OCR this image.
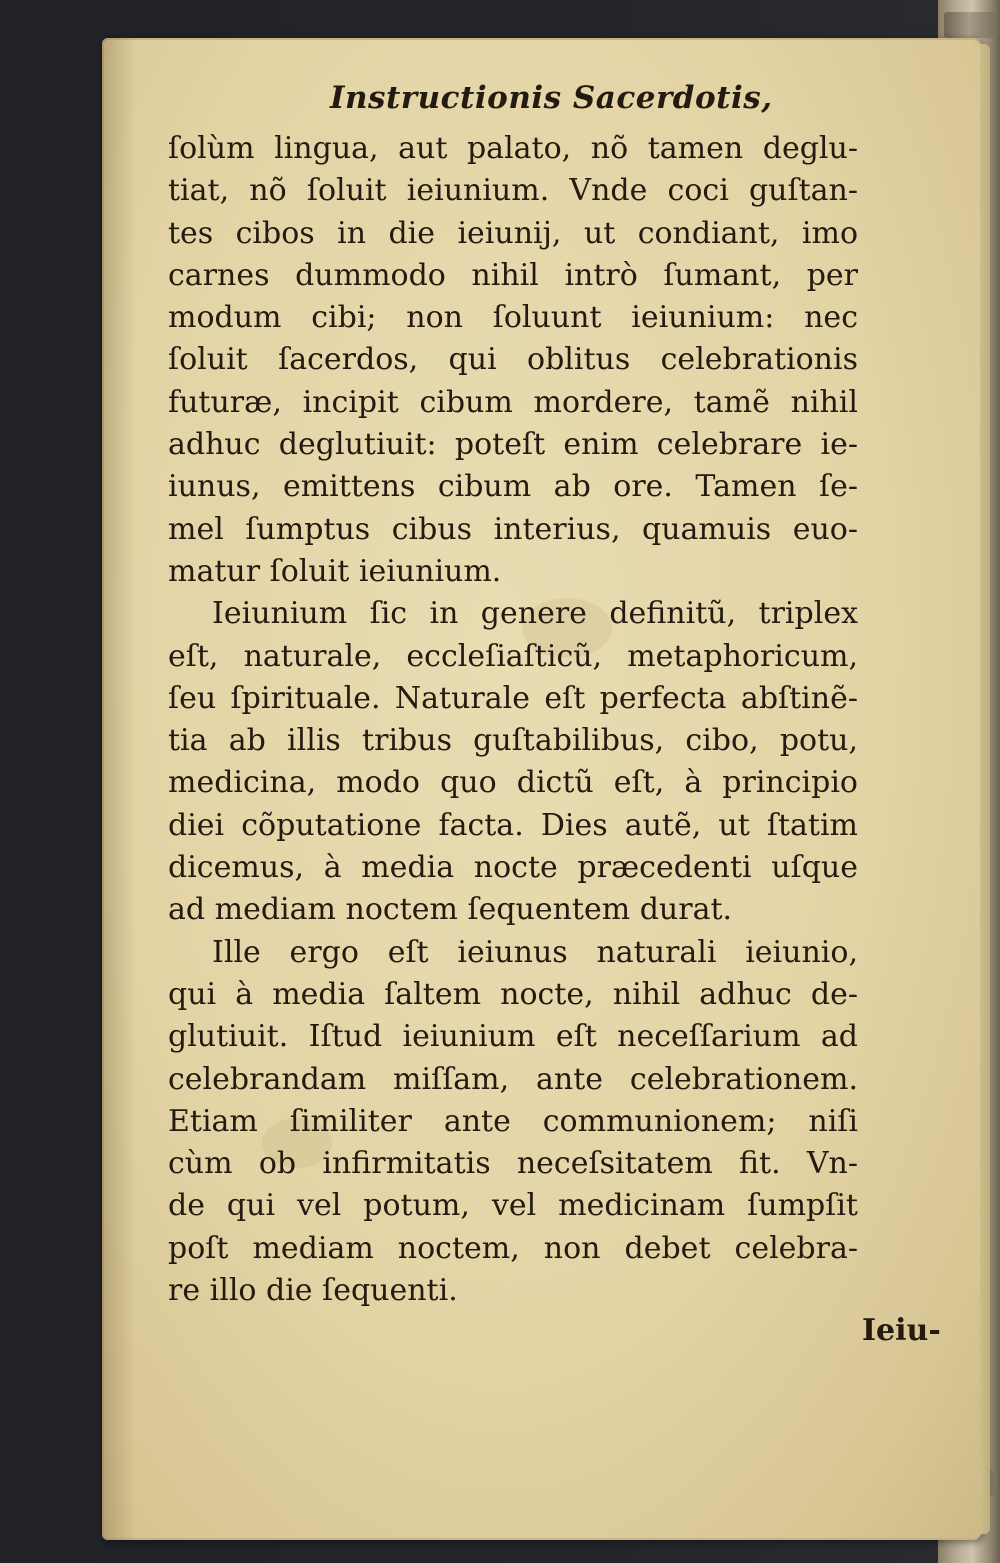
Instructionis Sacerdotis,
ſolùm lingua, aut palato, nõ tamen deglu-
tiat, nõ ſoluit ieiunium. Vnde coci guſtan-
tes cibos in die ieiunij, ut condiant, imo
carnes dummodo nihil intrò ſumant, per
modum cibi; non ſoluunt ieiunium: nec
ſoluit ſacerdos, qui oblitus celebrationis
futuræ, incipit cibum mordere, tamẽ nihil
adhuc deglutiuit: poteſt enim celebrare ie-
iunus, emittens cibum ab ore. Tamen ſe-
mel ſumptus cibus interius, quamuis euo-
matur ſoluit ieiunium.
Ieiunium ſic in genere definitũ, triplex
eſt, naturale, eccleſiaſticũ, metaphoricum,
ſeu ſpirituale. Naturale eſt perfecta abſtinẽ-
tia ab illis tribus guſtabilibus, cibo, potu,
medicina, modo quo dictũ eſt, à principio
diei cõputatione facta. Dies autẽ, ut ſtatim
dicemus, à media nocte præcedenti uſque
ad mediam noctem ſequentem durat.
Ille ergo eſt ieiunus naturali ieiunio,
qui à media ſaltem nocte, nihil adhuc de-
glutiuit. Iſtud ieiunium eſt neceſſarium ad
celebrandam miſſam, ante celebrationem.
Etiam ſimiliter ante communionem; niſi
cùm ob infirmitatis neceſsitatem fit. Vn-
de qui vel potum, vel medicinam ſumpſit
poſt mediam noctem, non debet celebra-
re illo die ſequenti.
Ieiu-
